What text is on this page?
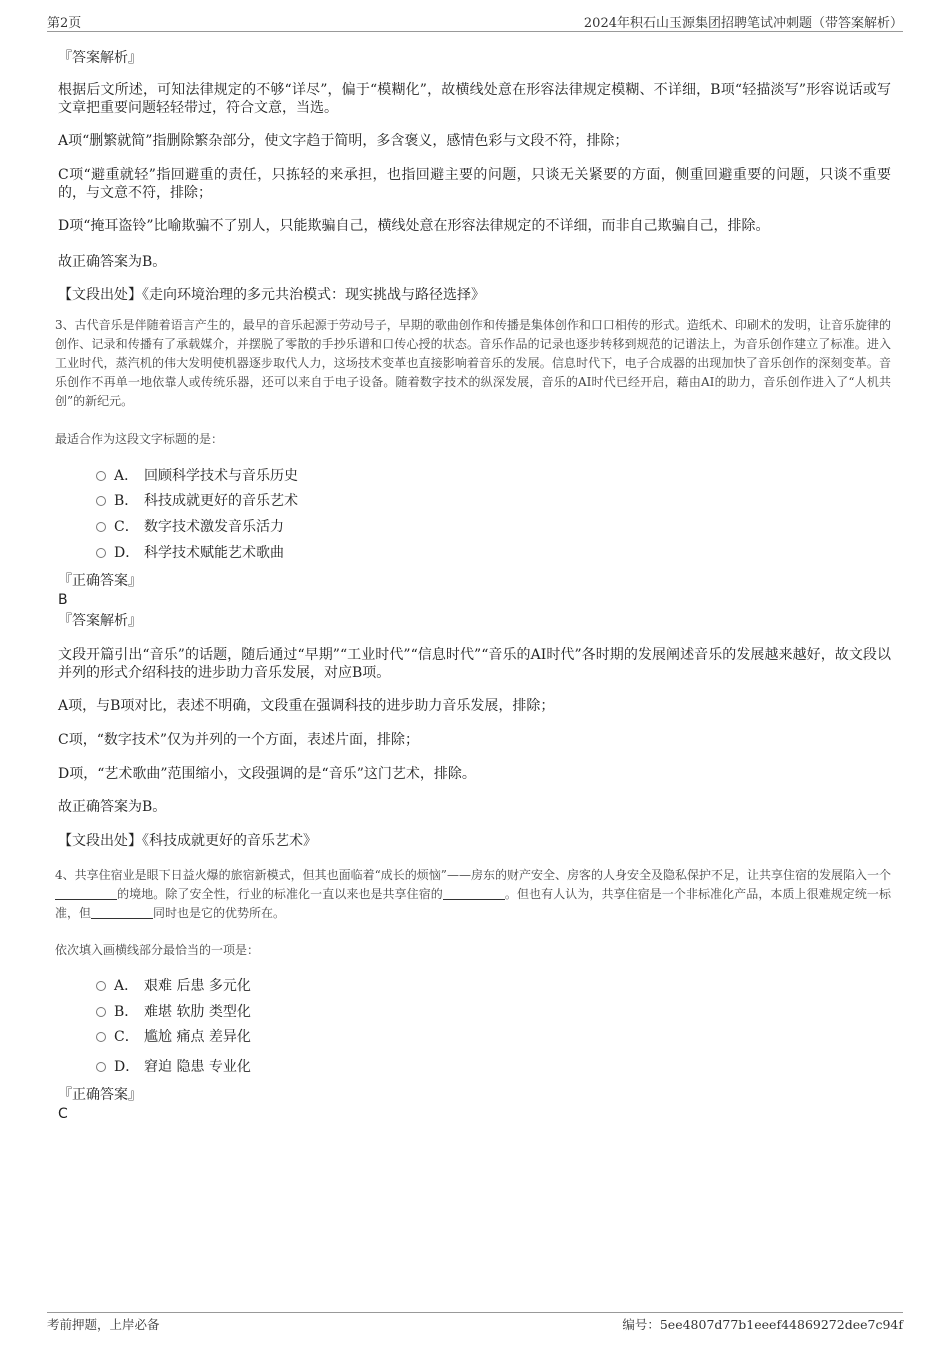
第2页	2024年积石山玉源集团招聘笔试冲刺题（带答案解析）
『答案解析』

根据后文所述，可知法律规定的不够“详尽”，偏于“模糊化”，故横线处意在形容法律规定模糊、不详细，B项“轻描淡写”形容说话或写文章把重要问题轻轻带过，符合文意，当选。

A项“删繁就简”指删除繁杂部分，使文字趋于简明，多含褒义，感情色彩与文段不符，排除；

C项“避重就轻”指回避重的责任，只拣轻的来承担，也指回避主要的问题，只谈无关紧要的方面，侧重回避重要的问题，只谈不重要的，与文意不符，排除；

D项“掩耳盗铃”比喻欺骗不了别人，只能欺骗自己，横线处意在形容法律规定的不详细，而非自己欺骗自己，排除。

故正确答案为B。
【文段出处】《走向环境治理的多元共治模式：现实挑战与路径选择》

3、古代音乐是伴随着语言产生的，最早的音乐起源于劳动号子，早期的歌曲创作和传播是集体创作和口口相传的形式。造纸术、印刷术的发明，让音乐旋律的创作、记录和传播有了承载媒介，并摆脱了零散的手抄乐谱和口传心授的状态。音乐作品的记录也逐步转移到规范的记谱法上，为音乐创作建立了标准。进入工业时代，蒸汽机的伟大发明使机器逐步取代人力，这场技术变革也直接影响着音乐的发展。信息时代下，电子合成器的出现加快了音乐创作的深刻变革。音乐创作不再单一地依靠人或传统乐器，还可以来自于电子设备。随着数字技术的纵深发展，音乐的AI时代已经开启，藉由AI的助力，音乐创作进入了“人机共创”的新纪元。

最适合作为这段文字标题的是：
A． 回顾科学技术与音乐历史
B． 科技成就更好的音乐艺术
C． 数字技术激发音乐活力
D． 科学技术赋能艺术歌曲
『正确答案』
B
『答案解析』

文段开篇引出“音乐”的话题，随后通过“早期”“工业时代”“信息时代”“音乐的AI时代”各时期的发展阐述音乐的发展越来越好，故文段以并列的形式介绍科技的进步助力音乐发展，对应B项。

A项，与B项对比，表述不明确，文段重在强调科技的进步助力音乐发展，排除；
C项，“数字技术”仅为并列的一个方面，表述片面，排除；
D项，“艺术歌曲”范围缩小，文段强调的是“音乐”这门艺术，排除。
故正确答案为B。
【文段出处】《科技成就更好的音乐艺术》

4、共享住宿业是眼下日益火爆的旅宿新模式，但其也面临着“成长的烦恼”——房东的财产安全、房客的人身安全及隐私保护不足，让共享住宿的发展陷入一个的境地。除了安全性，行业的标准化一直以来也是共享住宿的	。但也有人认为，共享住宿是一个非标准化产品，本质上很难规定统一标准，但	同时也是它的优势所在。

依次填入画横线部分最恰当的一项是：
A． 艰难 后患 多元化
B． 难堪 软肋 类型化
C． 尴尬 痛点 差异化
D． 窘迫 隐患 专业化
『正确答案』
C
考前押题，上岸必备	编号：5ee4807d77b1eeef44869272dee7c94f
